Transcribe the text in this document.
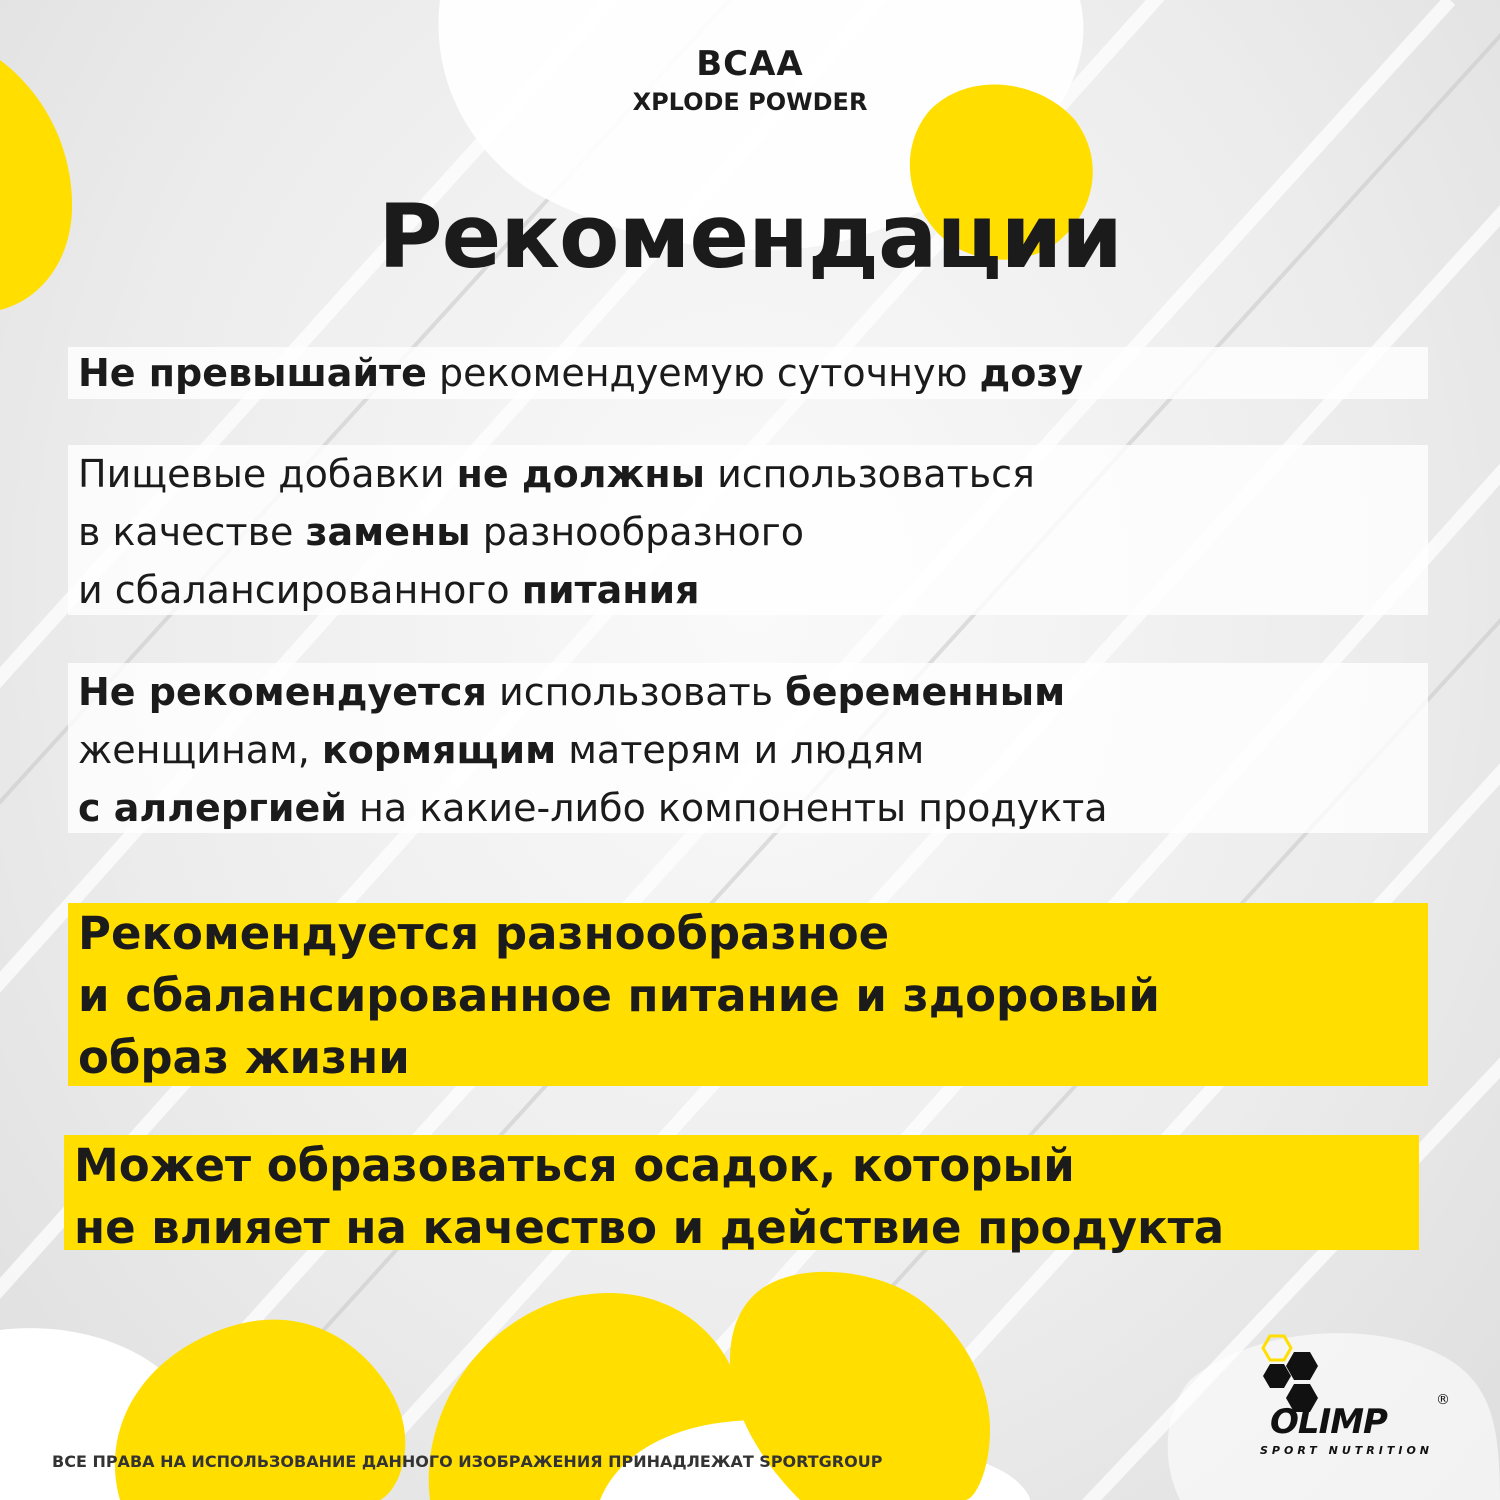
BCAA
XPLODE POWDER
Рекомендации
Не превышайте рекомендуемую суточную дозу
Пищевые добавки не должны использоваться
в качестве замены разнообразного
и сбалансированного питания
Не рекомендуется использовать беременным
женщинам, кормящим матерям и людям
с аллергией на какие-либо компоненты продукта
Рекомендуется разнообразное
и сбалансированное питание и здоровый
образ жизни
Может образоваться осадок, который
не влияет на качество и действие продукта
ВСЕ ПРАВА НА ИСПОЛЬЗОВАНИЕ ДАННОГО ИЗОБРАЖЕНИЯ ПРИНАДЛЕЖАТ SPORTGROUP
OLIMP
®
SPORT NUTRITION
